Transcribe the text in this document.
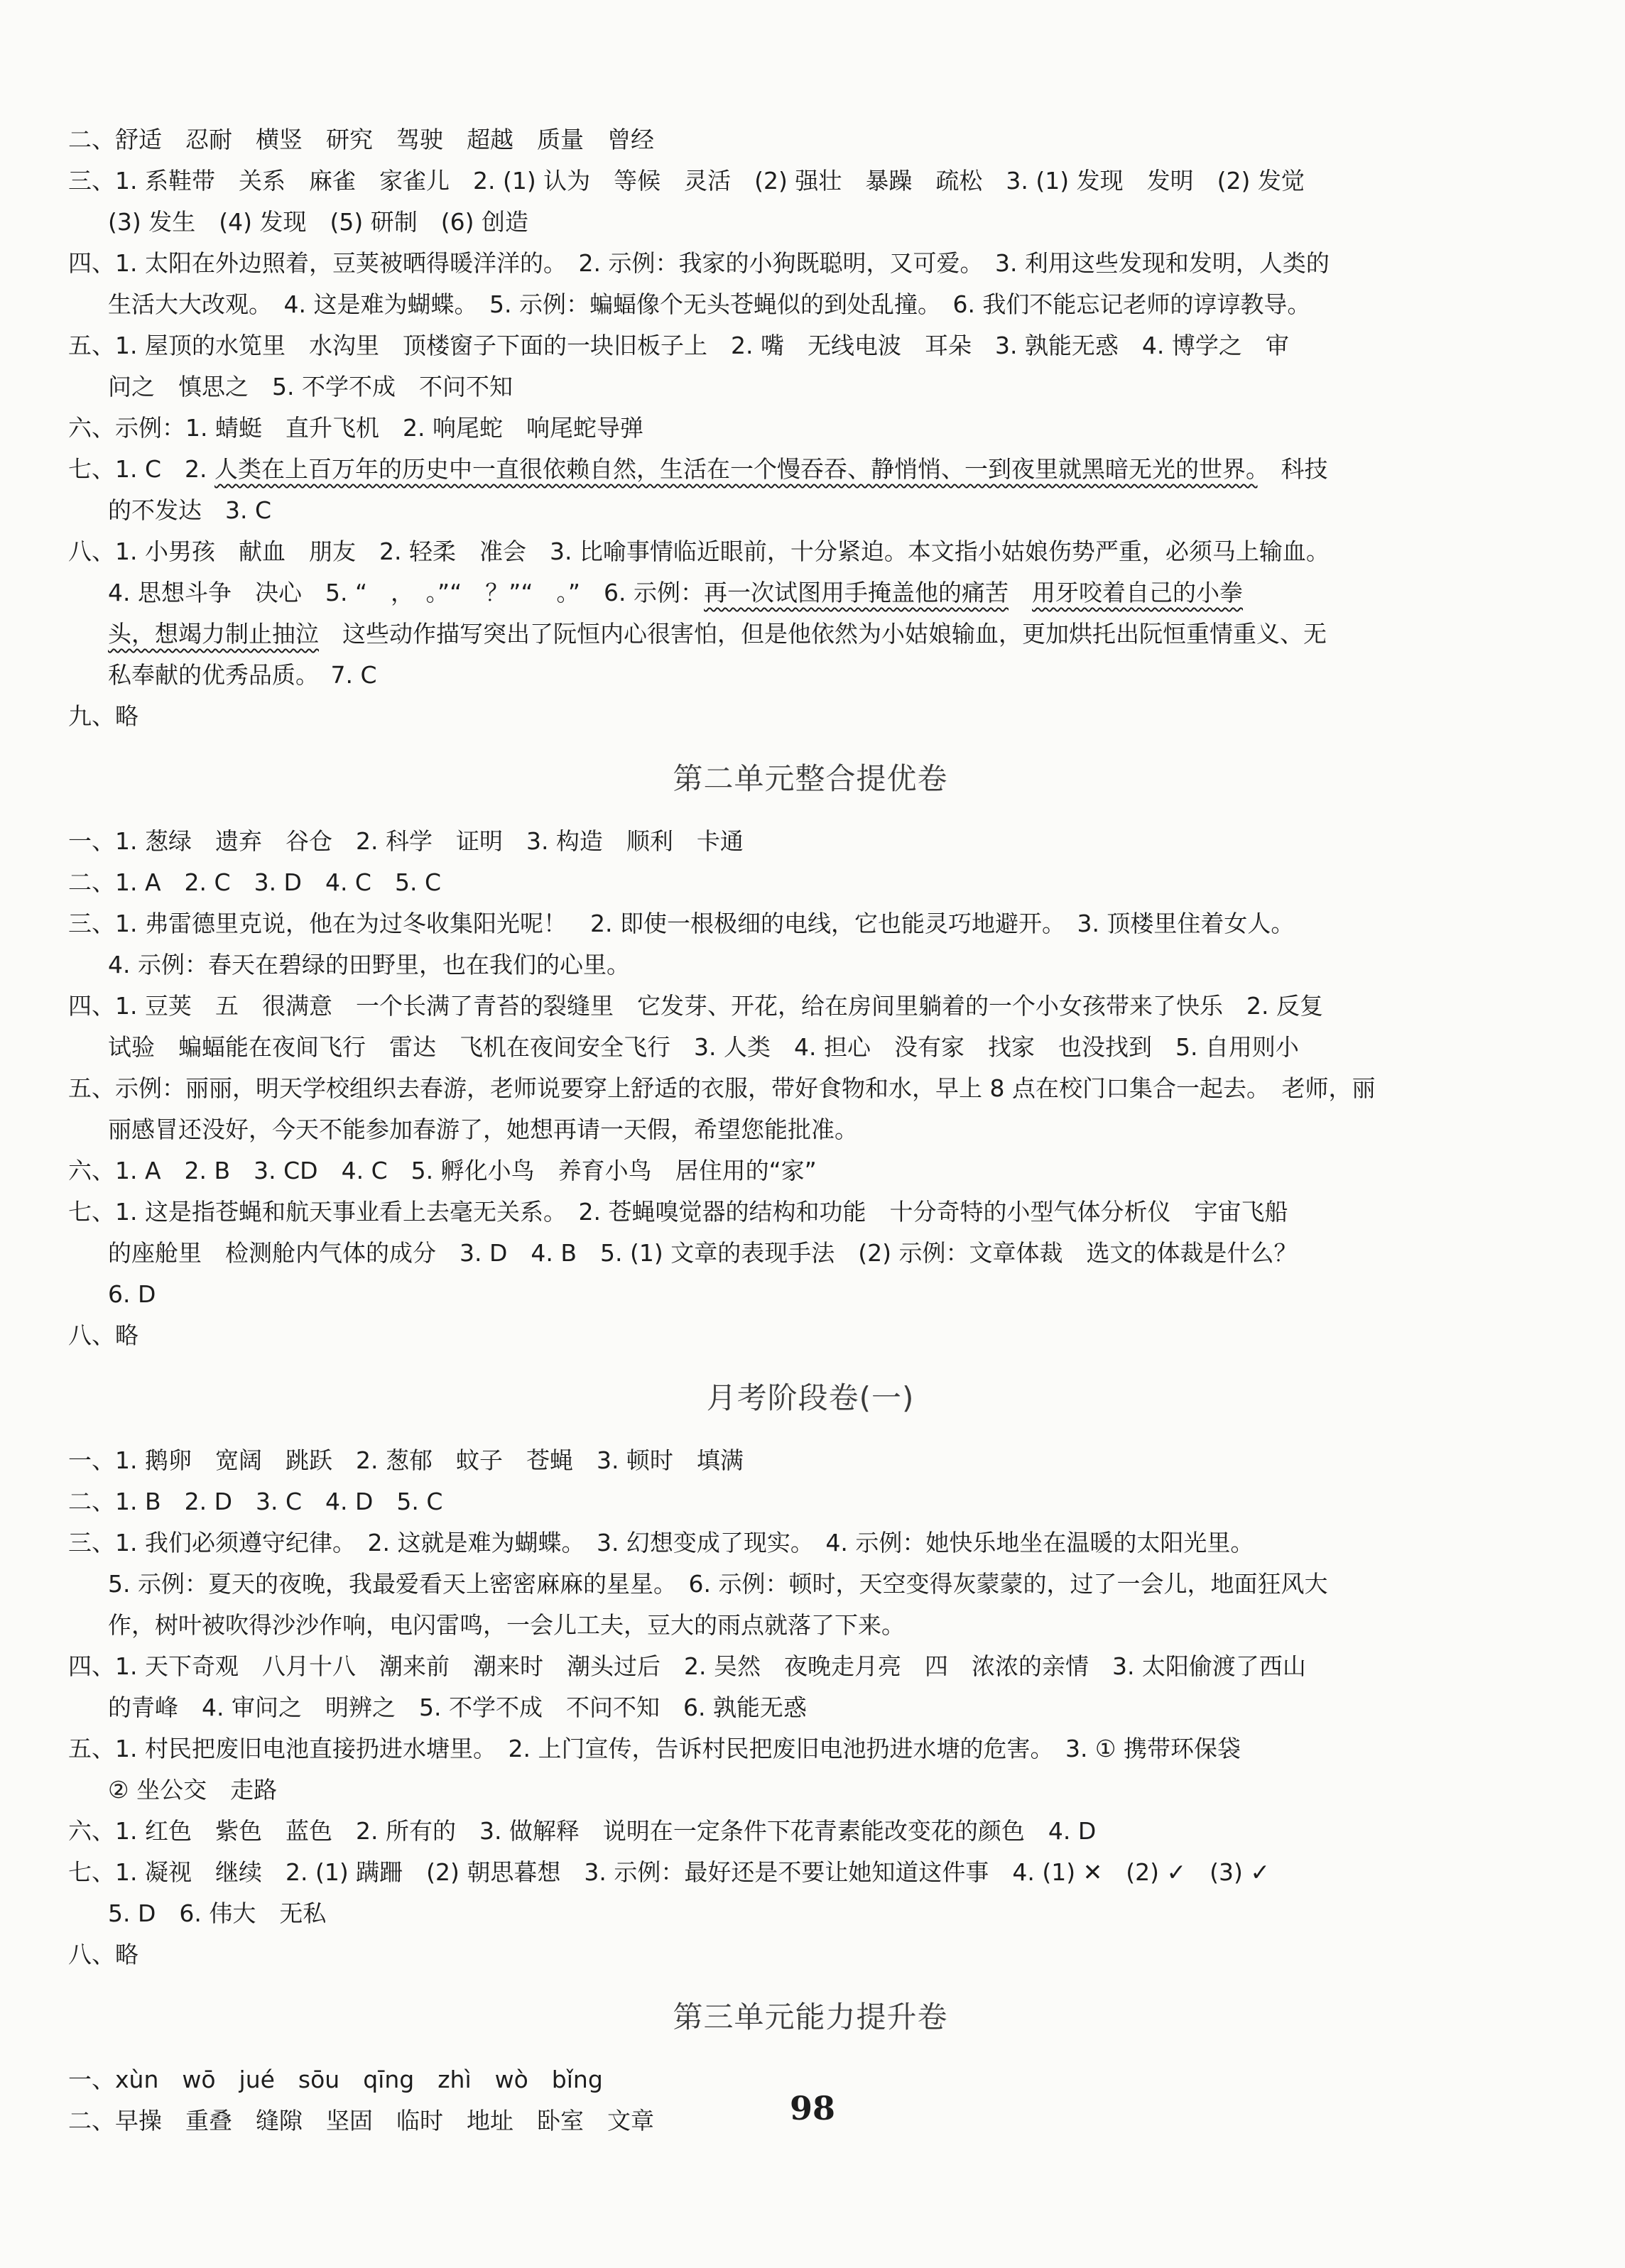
二、舒适　忍耐　横竖　研究　驾驶　超越　质量　曾经
三、1. 系鞋带　关系　麻雀　家雀儿　2. (1) 认为　等候　灵活　(2) 强壮　暴躁　疏松　3. (1) 发现　发明　(2) 发觉
(3) 发生　(4) 发现　(5) 研制　(6) 创造
四、1. 太阳在外边照着，豆荚被晒得暖洋洋的。　2. 示例：我家的小狗既聪明，又可爱。　3. 利用这些发现和发明，人类的
生活大大改观。　4. 这是难为蝴蝶。　5. 示例：蝙蝠像个无头苍蝇似的到处乱撞。　6. 我们不能忘记老师的谆谆教导。
五、1. 屋顶的水笕里　水沟里　顶楼窗子下面的一块旧板子上　2. 嘴　无线电波　耳朵　3. 孰能无惑　4. 博学之　审
问之　慎思之　5. 不学不成　不问不知
六、示例：1. 蜻蜓　直升飞机　2. 响尾蛇　响尾蛇导弹
七、1. C　2. 人类在上百万年的历史中一直很依赖自然，生活在一个慢吞吞、静悄悄、一到夜里就黑暗无光的世界。　科技
的不发达　3. C
八、1. 小男孩　献血　朋友　2. 轻柔　准会　3. 比喻事情临近眼前，十分紧迫。本文指小姑娘伤势严重，必须马上输血。
4. 思想斗争　决心　5. “　，　。”“　？”“　。”　6. 示例：再一次试图用手掩盖他的痛苦　 用牙咬着自己的小拳
头，想竭力制止抽泣　这些动作描写突出了阮恒内心很害怕，但是他依然为小姑娘输血，更加烘托出阮恒重情重义、无
私奉献的优秀品质。　7. C
九、略
第二单元整合提优卷
一、1. 葱绿　遗弃　谷仓　2. 科学　证明　3. 构造　顺利　卡通
二、1. A　2. C　3. D　4. C　5. C
三、1. 弗雷德里克说，他在为过冬收集阳光呢！　2. 即使一根极细的电线，它也能灵巧地避开。　3. 顶楼里住着女人。
4. 示例：春天在碧绿的田野里，也在我们的心里。
四、1. 豆荚　五　很满意　一个长满了青苔的裂缝里　它发芽、开花，给在房间里躺着的一个小女孩带来了快乐　2. 反复
试验　蝙蝠能在夜间飞行　雷达　飞机在夜间安全飞行　3. 人类　4. 担心　没有家　找家　也没找到　5. 自用则小
五、示例：丽丽，明天学校组织去春游，老师说要穿上舒适的衣服，带好食物和水，早上 8 点在校门口集合一起去。　老师，丽
丽感冒还没好，今天不能参加春游了，她想再请一天假，希望您能批准。
六、1. A　2. B　3. CD　4. C　5. 孵化小鸟　养育小鸟　居住用的“家”
七、1. 这是指苍蝇和航天事业看上去毫无关系。　2. 苍蝇嗅觉器的结构和功能　十分奇特的小型气体分析仪　宇宙飞船
的座舱里　检测舱内气体的成分　3. D　4. B　5. (1) 文章的表现手法　(2) 示例：文章体裁　选文的体裁是什么？
6. D
八、略
月考阶段卷(一)
一、1. 鹅卵　宽阔　跳跃　2. 葱郁　蚊子　苍蝇　3. 顿时　填满
二、1. B　2. D　3. C　4. D　5. C
三、1. 我们必须遵守纪律。　2. 这就是难为蝴蝶。　3. 幻想变成了现实。　4. 示例：她快乐地坐在温暖的太阳光里。
5. 示例：夏天的夜晚，我最爱看天上密密麻麻的星星。　6. 示例：顿时，天空变得灰蒙蒙的，过了一会儿，地面狂风大
作，树叶被吹得沙沙作响，电闪雷鸣，一会儿工夫，豆大的雨点就落了下来。
四、1. 天下奇观　八月十八　潮来前　潮来时　潮头过后　2. 吴然　夜晚走月亮　四　浓浓的亲情　3. 太阳偷渡了西山
的青峰　4. 审问之　明辨之　5. 不学不成　不问不知　6. 孰能无惑
五、1. 村民把废旧电池直接扔进水塘里。　2. 上门宣传，告诉村民把废旧电池扔进水塘的危害。　3. ① 携带环保袋
② 坐公交　走路
六、1. 红色　紫色　蓝色　2. 所有的　3. 做解释　说明在一定条件下花青素能改变花的颜色　4. D
七、1. 凝视　继续　2. (1) 蹒跚　(2) 朝思暮想　3. 示例：最好还是不要让她知道这件事　4. (1) ✕　(2) ✓　(3) ✓
5. D　6. 伟大　无私
八、略
第三单元能力提升卷
一、xùn　wō　jué　sōu　qīng　zhì　wò　bǐng
二、早操　重叠　缝隙　坚固　临时　地址　卧室　文章	98
